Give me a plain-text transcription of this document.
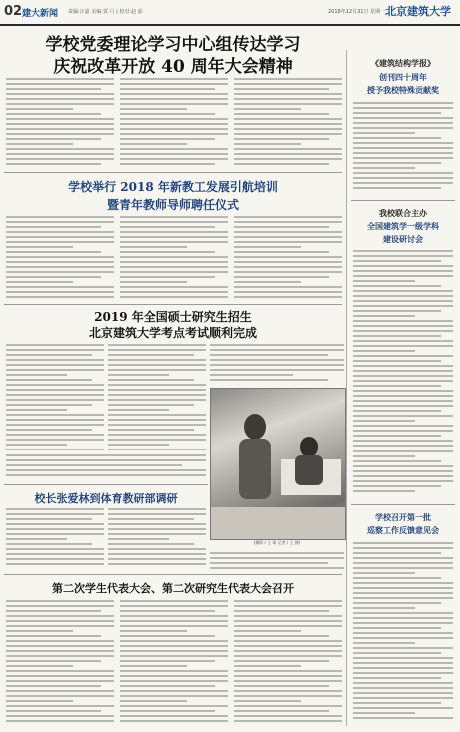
02 建大新闻 责编:汪嘉 美编:贾 月 | 校对:赵 茹	2018年12月31日 星期一 北京建筑大学
学校党委理论学习中心组传达学习
庆祝改革开放 40 周年大会精神
学校举行 2018 年新教工发展引航培训
暨青年教师导师聘任仪式
2019 年全国硕士研究生招生
北京建筑大学考点考试顺利完成
(摄影 / 王 琦 记者 / 王 健)
校长张爱林到体育教研部调研
第二次学生代表大会、第二次研究生代表大会召开
《建筑结构学报》
创刊四十周年
授予我校特殊贡献奖
我校联合主办
全国建筑学一级学科
建设研讨会
学校召开第一批
巡察工作反馈意见会
